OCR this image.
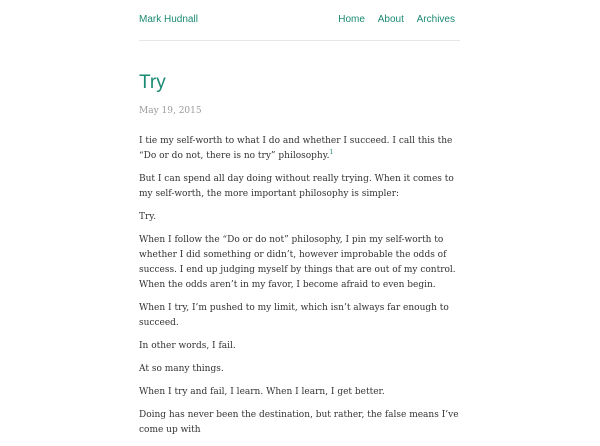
Mark Hudnall	Home About Archives
Try
May 19, 2015

I tie my self-worth to what I do and whether I succeed. I call this the “Do or do not, there is no try” philosophy.$^1$

But I can spend all day doing without really trying. When it comes to my self-worth, the more important philosophy is simpler:

Try.

When I follow the “Do or do not” philosophy, I pin my self-worth to whether I did something or didn’t, however improbable the odds of success. I end up judging myself by things that are out of my control. When the odds aren’t in my favor, I become afraid to even begin.

When I try, I’m pushed to my limit, which isn’t always far enough to succeed.

In other words, I fail.

At so many things.

When I try and fail, I learn. When I learn, I get better.

Doing has never been the destination, but rather, the false means I’ve come up with
